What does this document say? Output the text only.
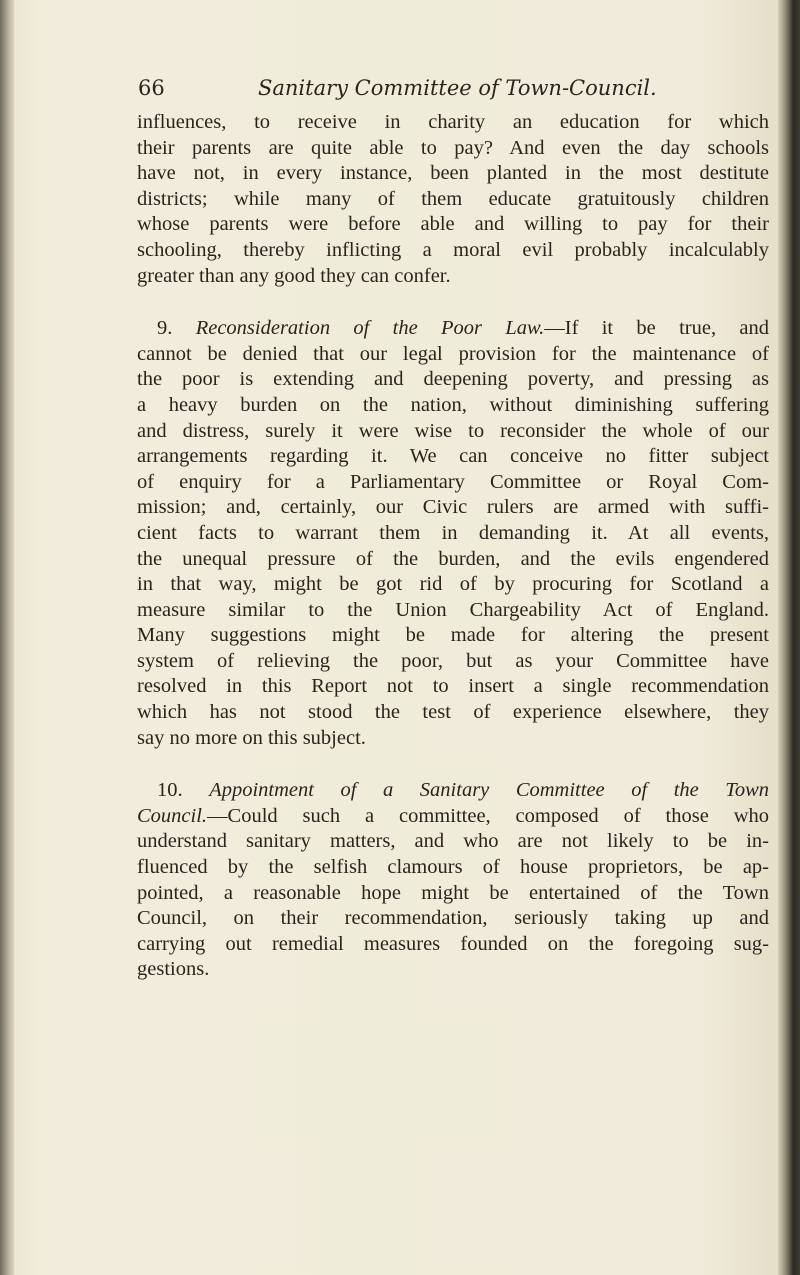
66	Sanitary Committee of Town-Council.
influences, to receive in charity an education for which
their parents are quite able to pay? And even the day schools
have not, in every instance, been planted in the most destitute
districts; while many of them educate gratuitously children
whose parents were before able and willing to pay for their
schooling, thereby inflicting a moral evil probably incalculably
greater than any good they can confer.
9. Reconsideration of the Poor Law.—If it be true, and
cannot be denied that our legal provision for the maintenance of
the poor is extending and deepening poverty, and pressing as
a heavy burden on the nation, without diminishing suffering
and distress, surely it were wise to reconsider the whole of our
arrangements regarding it. We can conceive no fitter subject
of enquiry for a Parliamentary Committee or Royal Com-
mission; and, certainly, our Civic rulers are armed with suffi-
cient facts to warrant them in demanding it. At all events,
the unequal pressure of the burden, and the evils engendered
in that way, might be got rid of by procuring for Scotland a
measure similar to the Union Chargeability Act of England.
Many suggestions might be made for altering the present
system of relieving the poor, but as your Committee have
resolved in this Report not to insert a single recommendation
which has not stood the test of experience elsewhere, they
say no more on this subject.
10. Appointment of a Sanitary Committee of the Town
Council.—Could such a committee, composed of those who
understand sanitary matters, and who are not likely to be in-
fluenced by the selfish clamours of house proprietors, be ap-
pointed, a reasonable hope might be entertained of the Town
Council, on their recommendation, seriously taking up and
carrying out remedial measures founded on the foregoing sug-
gestions.
